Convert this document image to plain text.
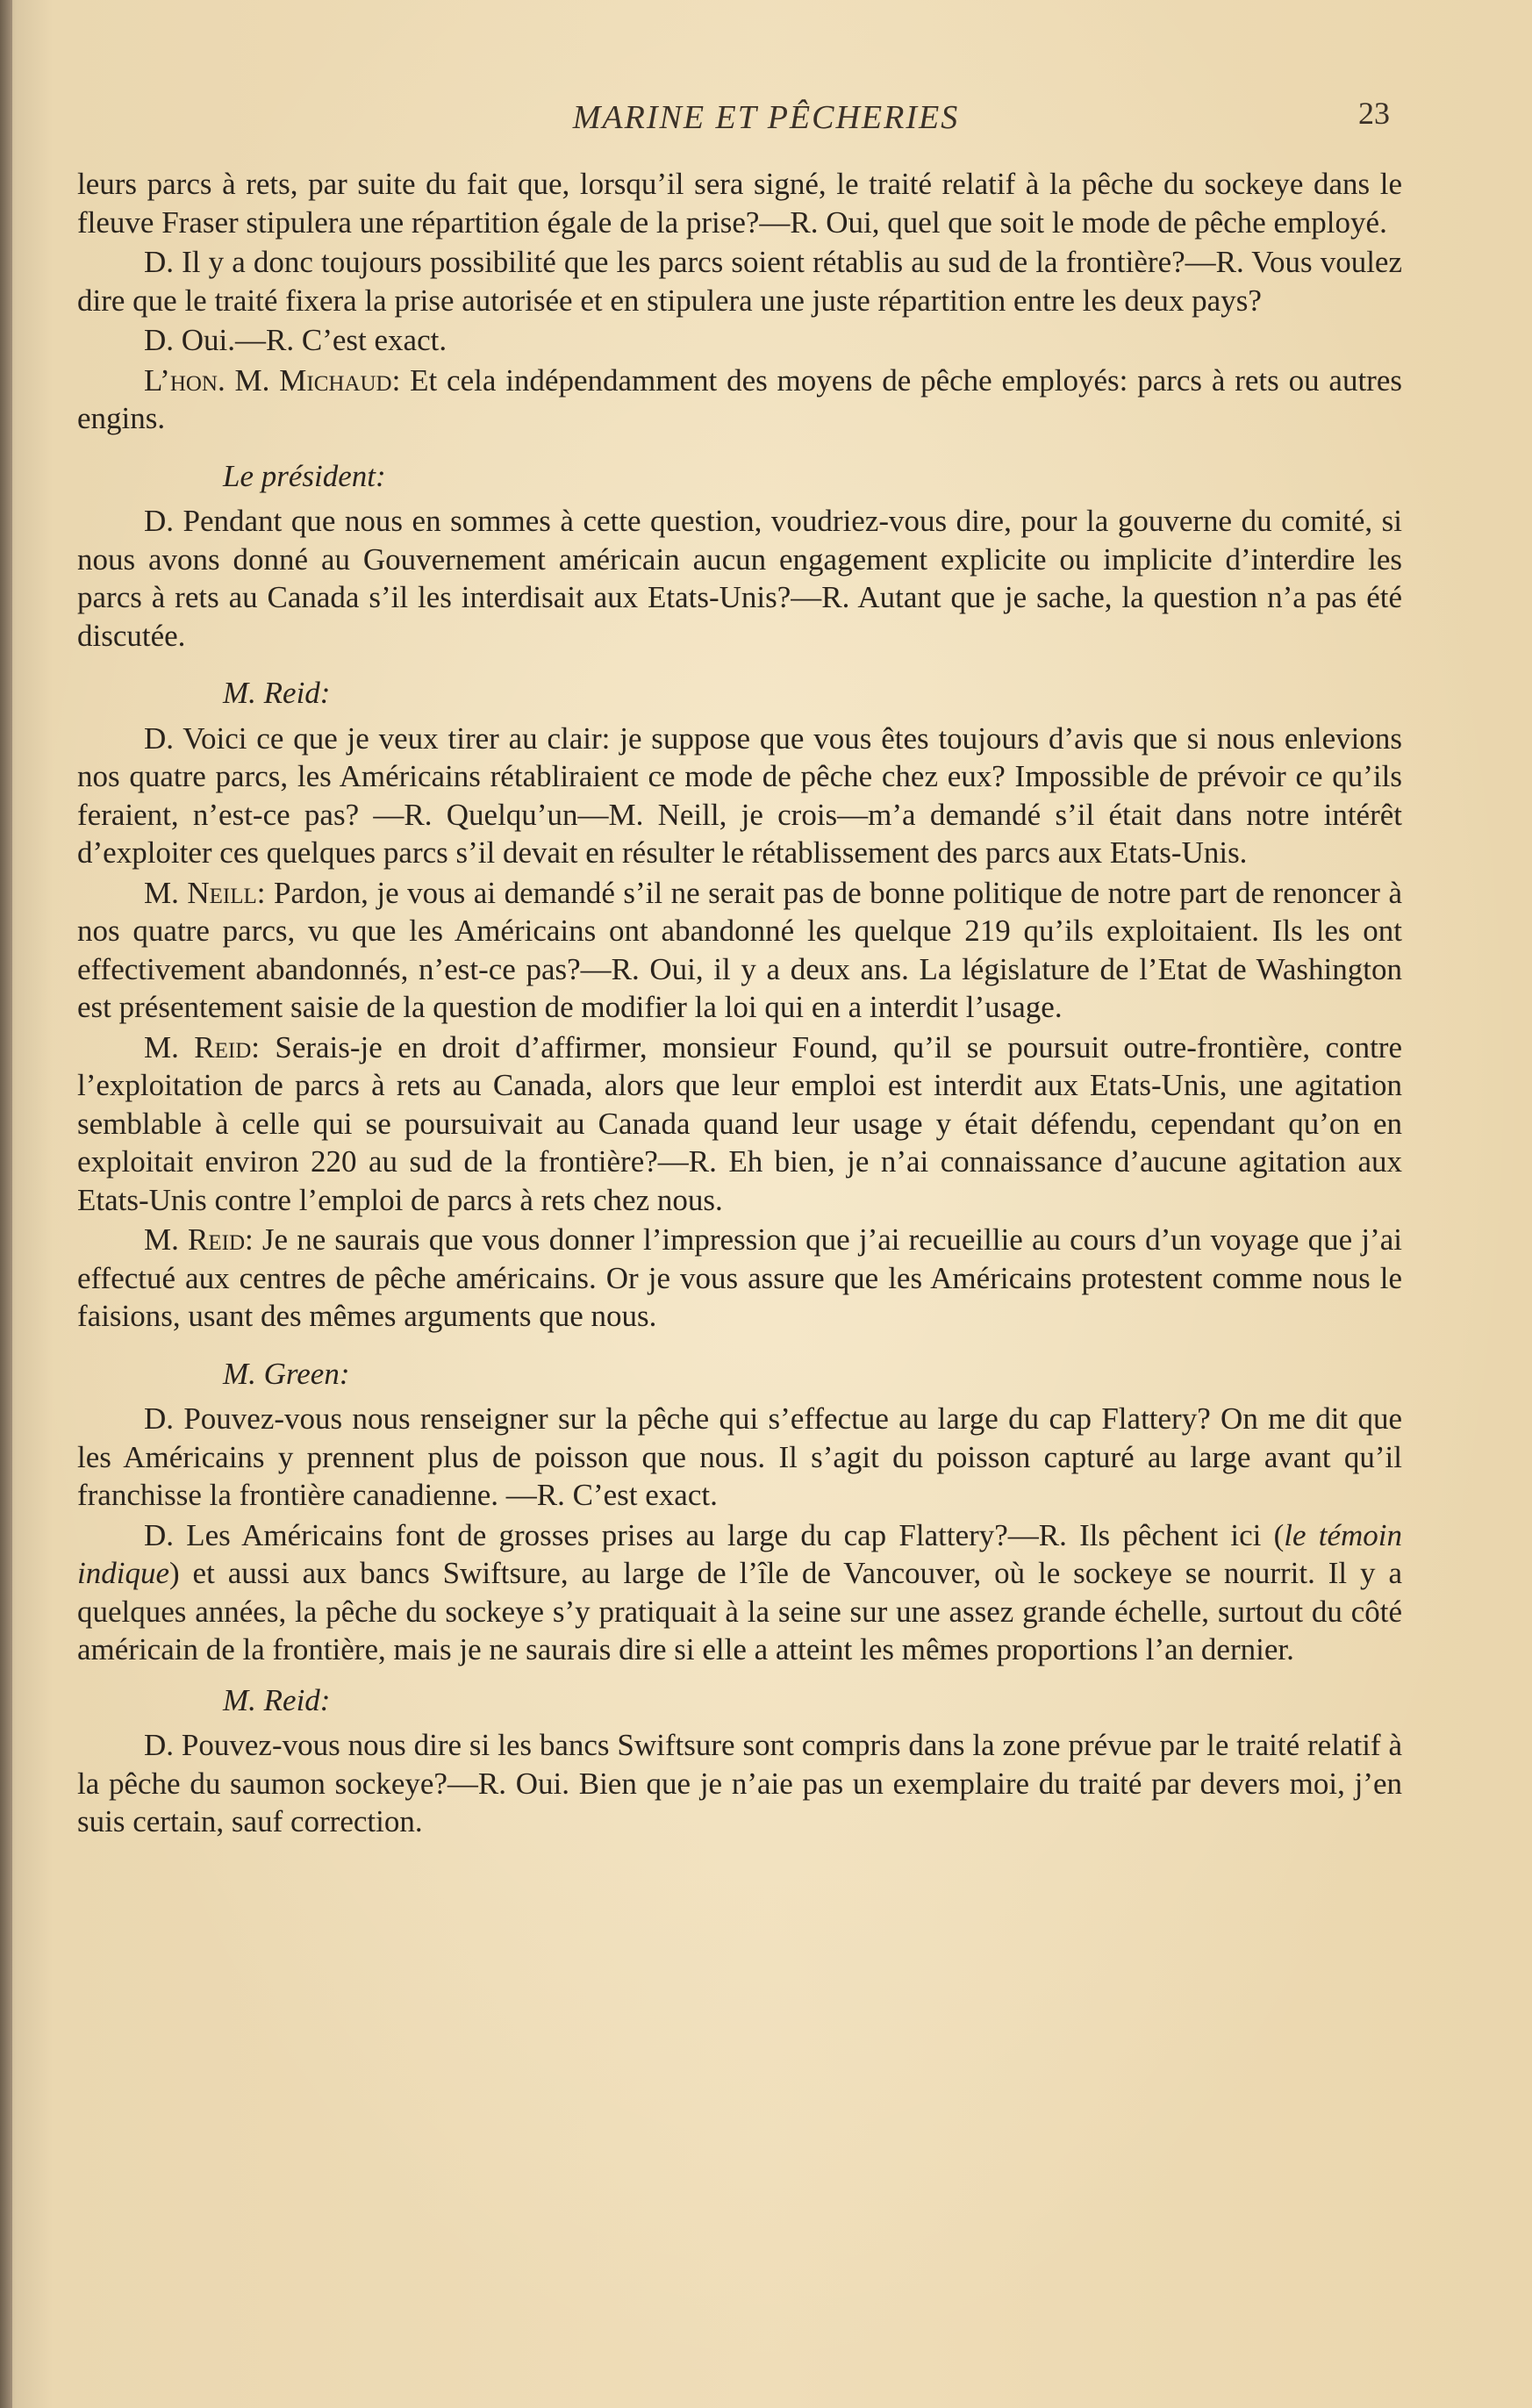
MARINE ET PÊCHERIES	23

leurs parcs à rets, par suite du fait que, lorsqu’il sera signé, le traité relatif à la pêche du sockeye dans le fleuve Fraser stipulera une répartition égale de la prise?—R. Oui, quel que soit le mode de pêche employé.

D. Il y a donc toujours possibilité que les parcs soient rétablis au sud de la frontière?—R. Vous voulez dire que le traité fixera la prise autorisée et en stipulera une juste répartition entre les deux pays?

D. Oui.—R. C’est exact.

L’hon. M. Michaud: Et cela indépendamment des moyens de pêche employés: parcs à rets ou autres engins.

Le président:

D. Pendant que nous en sommes à cette question, voudriez-vous dire, pour la gouverne du comité, si nous avons donné au Gouvernement américain aucun engagement explicite ou implicite d’interdire les parcs à rets au Canada s’il les interdisait aux Etats-Unis?—R. Autant que je sache, la question n’a pas été discutée.

M. Reid:

D. Voici ce que je veux tirer au clair: je suppose que vous êtes toujours d’avis que si nous enlevions nos quatre parcs, les Américains rétabliraient ce mode de pêche chez eux? Impossible de prévoir ce qu’ils feraient, n’est-ce pas? —R. Quelqu’un—M. Neill, je crois—m’a demandé s’il était dans notre intérêt d’exploiter ces quelques parcs s’il devait en résulter le rétablissement des parcs aux Etats-Unis.

M. Neill: Pardon, je vous ai demandé s’il ne serait pas de bonne politique de notre part de renoncer à nos quatre parcs, vu que les Américains ont abandonné les quelque 219 qu’ils exploitaient. Ils les ont effectivement abandonnés, n’est-ce pas?—R. Oui, il y a deux ans. La législature de l’Etat de Washington est présentement saisie de la question de modifier la loi qui en a interdit l’usage.

M. Reid: Serais-je en droit d’affirmer, monsieur Found, qu’il se poursuit outre-frontière, contre l’exploitation de parcs à rets au Canada, alors que leur emploi est interdit aux Etats-Unis, une agitation semblable à celle qui se poursuivait au Canada quand leur usage y était défendu, cependant qu’on en exploitait environ 220 au sud de la frontière?—R. Eh bien, je n’ai connaissance d’aucune agitation aux Etats-Unis contre l’emploi de parcs à rets chez nous.

M. Reid: Je ne saurais que vous donner l’impression que j’ai recueillie au cours d’un voyage que j’ai effectué aux centres de pêche américains. Or je vous assure que les Américains protestent comme nous le faisions, usant des mêmes arguments que nous.

M. Green:

D. Pouvez-vous nous renseigner sur la pêche qui s’effectue au large du cap Flattery? On me dit que les Américains y prennent plus de poisson que nous. Il s’agit du poisson capturé au large avant qu’il franchisse la frontière canadienne. —R. C’est exact.

D. Les Américains font de grosses prises au large du cap Flattery?—R. Ils pêchent ici (le témoin indique) et aussi aux bancs Swiftsure, au large de l’île de Vancouver, où le sockeye se nourrit. Il y a quelques années, la pêche du sockeye s’y pratiquait à la seine sur une assez grande échelle, surtout du côté américain de la frontière, mais je ne saurais dire si elle a atteint les mêmes proportions l’an dernier.

M. Reid:

D. Pouvez-vous nous dire si les bancs Swiftsure sont compris dans la zone prévue par le traité relatif à la pêche du saumon sockeye?—R. Oui. Bien que je n’aie pas un exemplaire du traité par devers moi, j’en suis certain, sauf correction.
